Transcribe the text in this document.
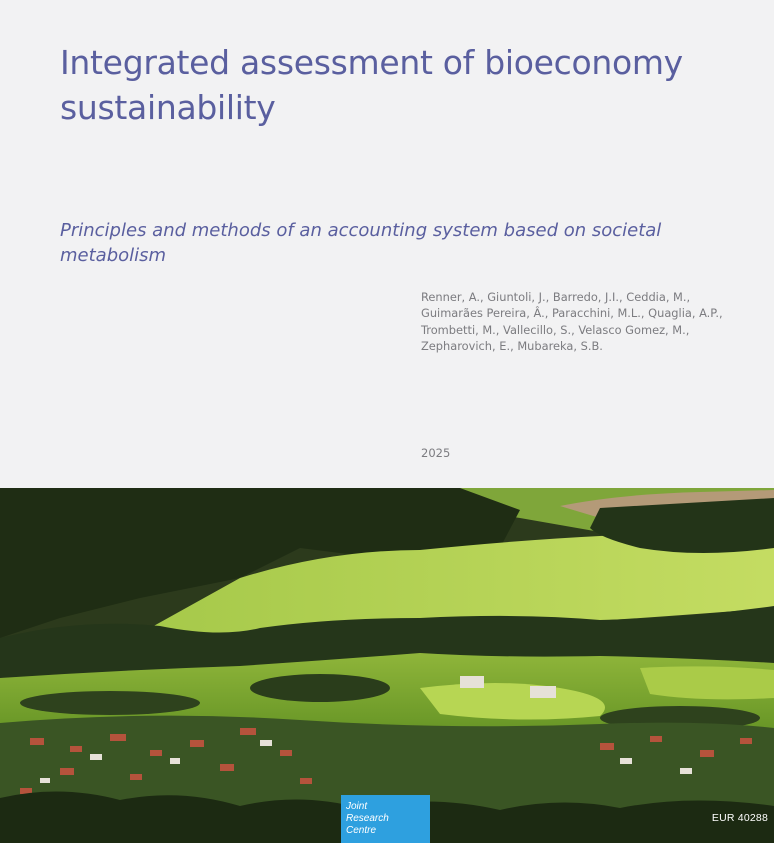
Integrated assessment of bioeconomy sustainability

Principles and methods of an accounting system based on societal metabolism

Renner, A., Giuntoli, J., Barredo, J.I., Ceddia, M.,
Guimarães Pereira, Â., Paracchini, M.L., Quaglia, A.P.,
Trombetti, M., Vallecillo, S., Velasco Gomez, M.,
Zepharovich, E., Mubareka, S.B.
2025
Joint
Research
Centre
EUR 40288
